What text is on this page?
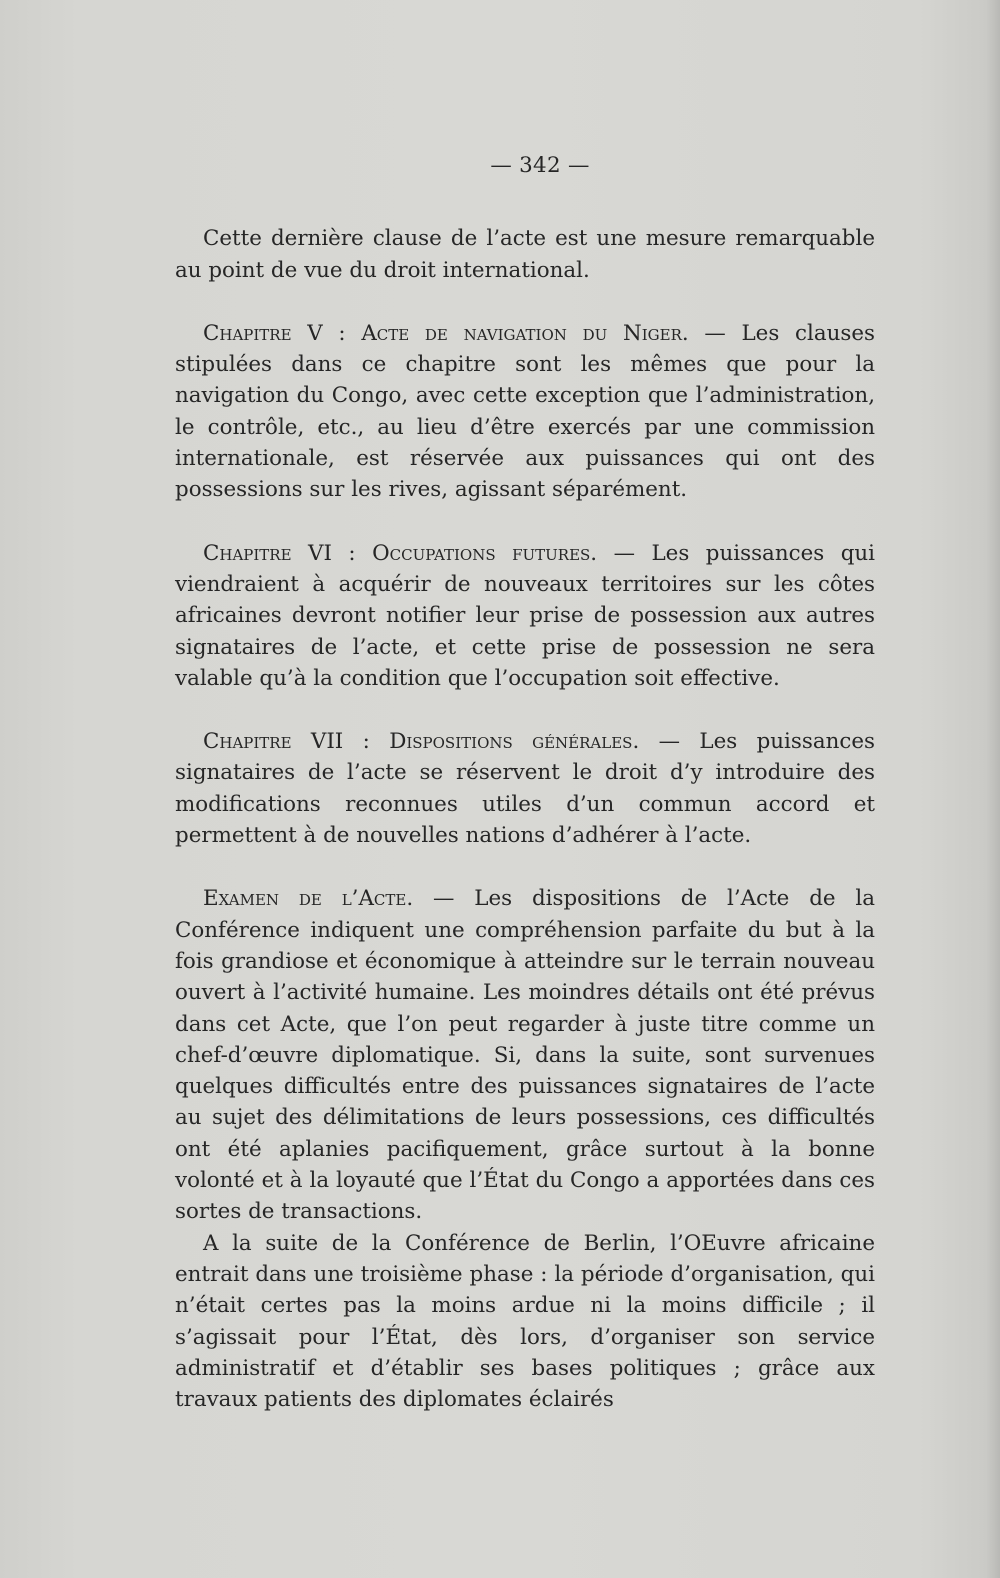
— 342 —

Cette dernière clause de l’acte est une mesure remarquable au point de vue du droit international.

Chapitre V : Acte de navigation du Niger. — Les clauses stipulées dans ce chapitre sont les mêmes que pour la navigation du Congo, avec cette exception que l’administration, le contrôle, etc., au lieu d’être exercés par une commission internationale, est réservée aux puissances qui ont des possessions sur les rives, agissant séparément.

Chapitre VI : Occupations futures. — Les puissances qui viendraient à acquérir de nouveaux territoires sur les côtes africaines devront notifier leur prise de possession aux autres signataires de l’acte, et cette prise de possession ne sera valable qu’à la condition que l’occupation soit effective.

Chapitre VII : Dispositions générales. — Les puissances signataires de l’acte se réservent le droit d’y introduire des modifications reconnues utiles d’un commun accord et permettent à de nouvelles nations d’adhérer à l’acte.

Examen de l’Acte. — Les dispositions de l’Acte de la Conférence indiquent une compréhension parfaite du but à la fois grandiose et économique à atteindre sur le terrain nouveau ouvert à l’activité humaine. Les moindres détails ont été prévus dans cet Acte, que l’on peut regarder à juste titre comme un chef-d’œuvre diplomatique. Si, dans la suite, sont survenues quelques difficultés entre des puissances signataires de l’acte au sujet des délimitations de leurs possessions, ces difficultés ont été aplanies pacifiquement, grâce surtout à la bonne volonté et à la loyauté que l’État du Congo a apportées dans ces sortes de transactions.

A la suite de la Conférence de Berlin, l’OEuvre africaine entrait dans une troisième phase : la période d’organisation, qui n’était certes pas la moins ardue ni la moins difficile ; il s’agissait pour l’État, dès lors, d’organiser son service administratif et d’établir ses bases politiques ; grâce aux travaux patients des diplomates éclairés
